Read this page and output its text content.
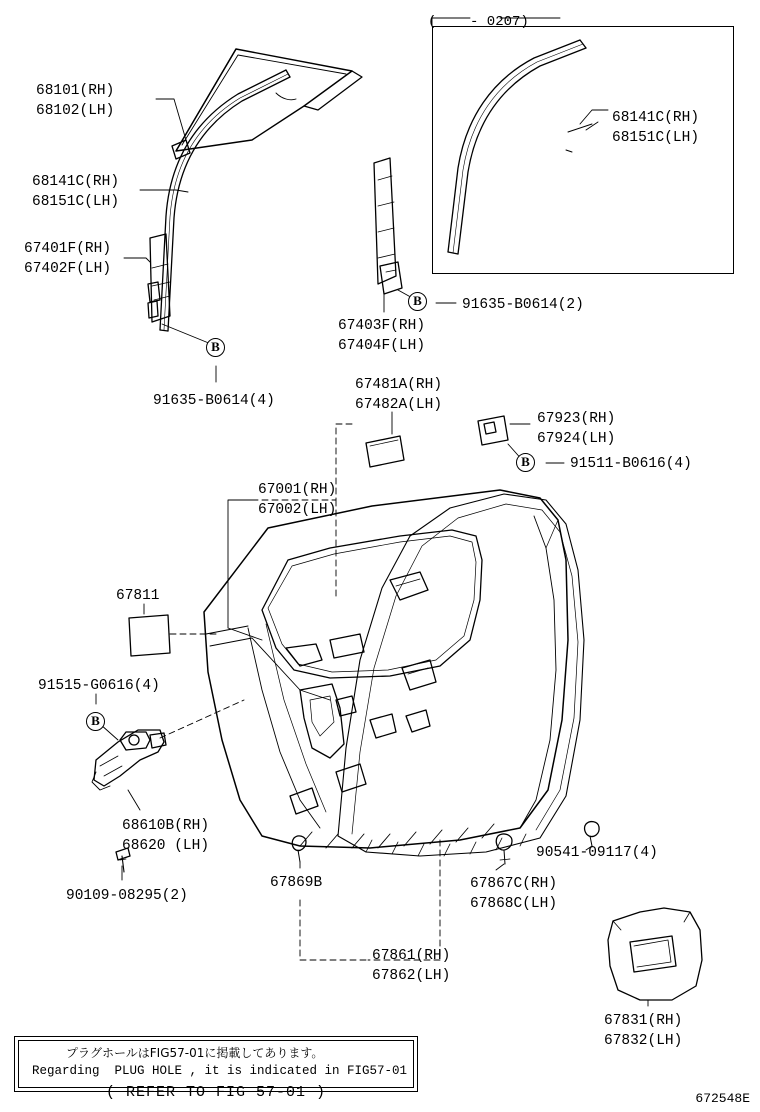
(    - 0207)
68141C(RH)
68151C(LH)
68101(RH)
68102(LH)
68141C(RH)
68151C(LH)
67401F(RH)
67402F(LH)
91635-B0614(4)
67403F(RH)
67404F(LH)
91635-B0614(2)
67481A(RH)
67482A(LH)
67923(RH)
67924(LH)
91511-B0616(4)
67001(RH)
67002(LH)
67811
91515-G0616(4)
68610B(RH)
68620 (LH)
90109-08295(2)
67869B	67867C(RH)
67868C(LH)
90541-09117(4)
67861(RH)
67862(LH)
67831(RH)
67832(LH)
B
B
B
B
プラグホールはFIG57-01に掲載してあります。
Regarding  PLUG HOLE , it is indicated in FIG57-01
( REFER TO FIG 57-01 )	672548E
